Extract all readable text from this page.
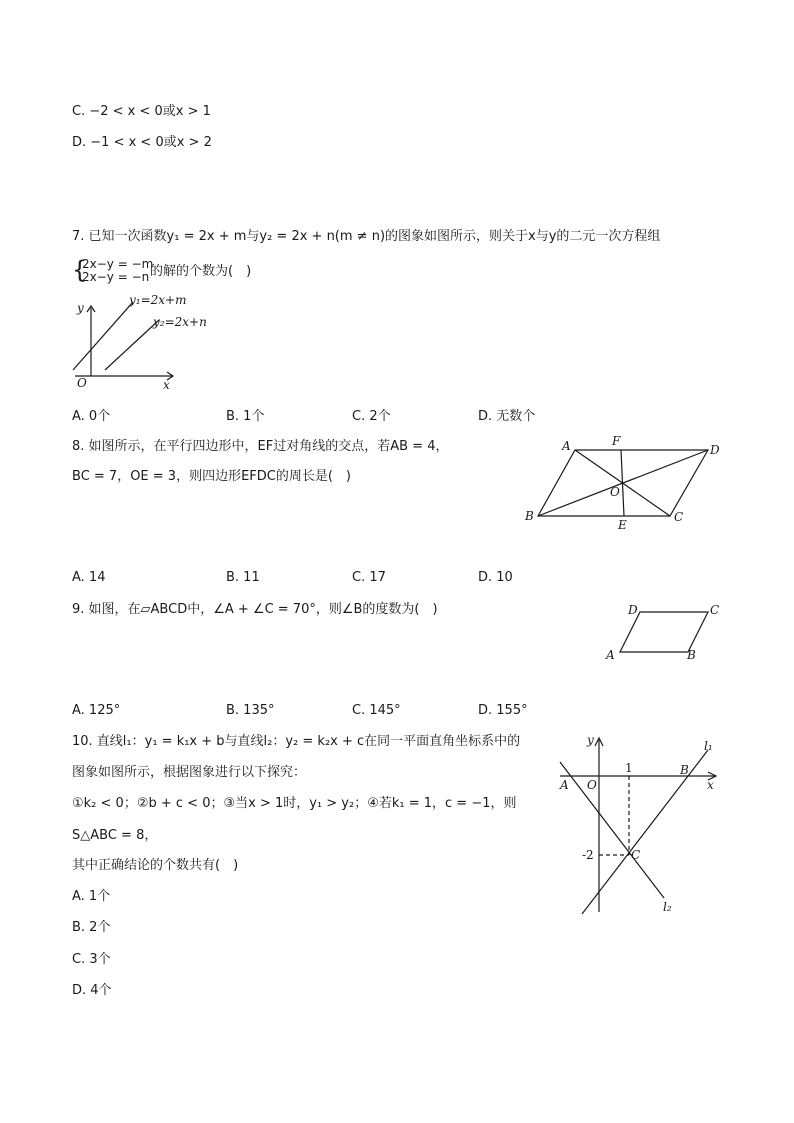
C. −2 < x < 0或x > 1
D. −1 < x < 0或x > 2
7. 已知一次函数y₁ = 2x + m与y₂ = 2x + n(m ≠ n)的图象如图所示，则关于x与y的二元一次方程组
{
2x−y = −m
2x−y = −n 的解的个数为(　)
y
x
O
y₁=2x+m
y₂=2x+n
A. 0个	B. 1个	C. 2个	D. 无数个
8. 如图所示，在平行四边形中，EF过对角线的交点，若AB = 4，
BC = 7，OE = 3，则四边形EFDC的周长是(　)
A	F
D
O
B
E
C
A. 14	B. 11	C. 17	D. 10
9. 如图，在▱ABCD中，∠A + ∠C = 70°，则∠B的度数为(　)	D	C
A	B
A. 125°	B. 135°	C. 145°	D. 155°
10. 直线l₁：y₁ = k₁x + b与直线l₂：y₂ = k₂x + c在同一平面直角坐标系中的
图象如图所示，根据图象进行以下探究：
①k₂ < 0；②b + c < 0；③当x > 1时，y₁ > y₂；④若k₁ = 1，c = −1，则
S△ABC = 8，
其中正确结论的个数共有(　)
y
x
O
A
B
C
1
-2
l₁
l₂
A. 1个
B. 2个
C. 3个
D. 4个
